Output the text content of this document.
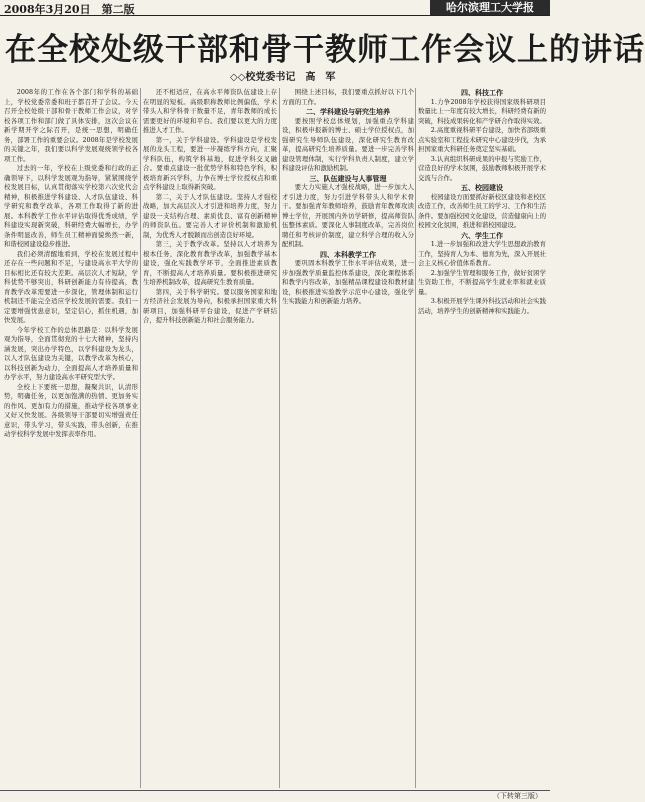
2008年3月20日　第二版	哈尔滨理工大学报
在全校处级干部和骨干教师工作会议上的讲话
◇◇校党委书记　高　军

2008年的工作在各个部门和学科的基础上，学校党委常委和班子都召开了会议。今天召开全校处级干部和骨干教师工作会议，对学校各项工作和部门做了具体安排，这次会议在新学期开学之际召开，是统一思想，明确任务，部署工作的重要会议。2008年是学校发展的关键之年，我们要以科学发展观统领学校各项工作。

过去的一年，学校在上级党委和行政的正确领导下，以科学发展观为指导，紧紧围绕学校发展目标，认真贯彻落实学校第六次党代会精神，积极推进学科建设、人才队伍建设、科学研究和教学改革，各项工作取得了新的进展。本科教学工作水平评估取得优秀成绩，学科建设实现新突破，科研经费大幅增长，办学条件明显改善，师生员工精神面貌焕然一新，和谐校园建设稳步推进。

我们必须清醒地看到，学校在发展过程中还存在一些问题和不足，与建设高水平大学的目标相比还有较大差距。高层次人才短缺，学科优势不够突出，科研创新能力有待提高，教育教学改革需要进一步深化，管理体制和运行机制还不能完全适应学校发展的需要。我们一定要增强忧患意识，坚定信心，抓住机遇，加快发展。

今年学校工作的总体思路是：以科学发展观为指导，全面贯彻党的十七大精神，坚持内涵发展，突出办学特色，以学科建设为龙头，以人才队伍建设为关键，以教学改革为核心，以科技创新为动力，全面提高人才培养质量和办学水平，努力建设高水平研究型大学。

全校上下要统一思想，凝聚共识，认清形势，明确任务，以更加饱满的热情、更加务实的作风、更加有力的措施，推动学校各项事业又好又快发展。各级领导干部要切实增强责任意识，带头学习，带头实践，带头创新，在推动学校科学发展中发挥表率作用。

还不相适应，在高水平师资队伍建设上存在明显的短板。高级职称教师比例偏低，学术带头人和学科骨干数量不足，青年教师的成长需要更好的环境和平台。我们要以更大的力度推进人才工作。

第一，关于学科建设。学科建设是学校发展的龙头工程，要进一步凝练学科方向，汇聚学科队伍，构筑学科基地，促进学科交叉融合。要重点建设一批优势学科和特色学科，积极培育新兴学科，力争在博士学位授权点和重点学科建设上取得新突破。

第二，关于人才队伍建设。坚持人才强校战略，加大高层次人才引进和培养力度，努力建设一支结构合理、素质优良、富有创新精神的师资队伍。要完善人才评价机制和激励机制，为优秀人才脱颖而出创造良好环境。

第三，关于教学改革。坚持以人才培养为根本任务，深化教育教学改革，加强教学基本建设，强化实践教学环节，全面推进素质教育，不断提高人才培养质量。要积极推进研究生培养机制改革，提高研究生教育质量。

第四，关于科学研究。要以服务国家和地方经济社会发展为导向，积极承担国家重大科研项目，加强科研平台建设，促进产学研结合，提升科技创新能力和社会服务能力。

围绕上述目标，我们要重点抓好以下几个方面的工作。

二、学科建设与研究生培养

要按照学校总体规划，加强重点学科建设，积极申报新的博士、硕士学位授权点，加强研究生导师队伍建设，深化研究生教育改革，提高研究生培养质量。要进一步完善学科建设管理体制，实行学科负责人制度，建立学科建设评估和激励机制。

三、队伍建设与人事管理

要大力实施人才强校战略，进一步加大人才引进力度，努力引进学科带头人和学术骨干。要加强青年教师培养，鼓励青年教师攻读博士学位，开展国内外访学研修，提高师资队伍整体素质。要深化人事制度改革，完善岗位聘任和考核评价制度，建立科学合理的收入分配机制。

四、本科教学工作

要巩固本科教学工作水平评估成果，进一步加强教学质量监控体系建设，深化课程体系和教学内容改革，加强精品课程建设和教材建设，积极推进实验教学示范中心建设，强化学生实践能力和创新能力培养。

四、科技工作

1.力争2008年学校获得国家级科研项目数量比上一年度有较大增长，科研经费有新的突破，科技成果转化和产学研合作取得实效。

2.高度重视科研平台建设，加快省部级重点实验室和工程技术研究中心建设步伐，为承担国家重大科研任务奠定坚实基础。

3.认真组织科研成果的申报与奖励工作，营造良好的学术氛围，鼓励教师积极开展学术交流与合作。

五、校园建设

校园建设方面要抓好新校区建设和老校区改造工作，改善师生员工的学习、工作和生活条件。要加强校园文化建设，营造健康向上的校园文化氛围，推进和谐校园建设。

六、学生工作

1.进一步加强和改进大学生思想政治教育工作，坚持育人为本、德育为先，深入开展社会主义核心价值体系教育。

2.加强学生管理和服务工作，做好贫困学生资助工作，不断提高学生就业率和就业质量。

3.积极开展学生课外科技活动和社会实践活动，培养学生的创新精神和实践能力。

（下转第三版）
